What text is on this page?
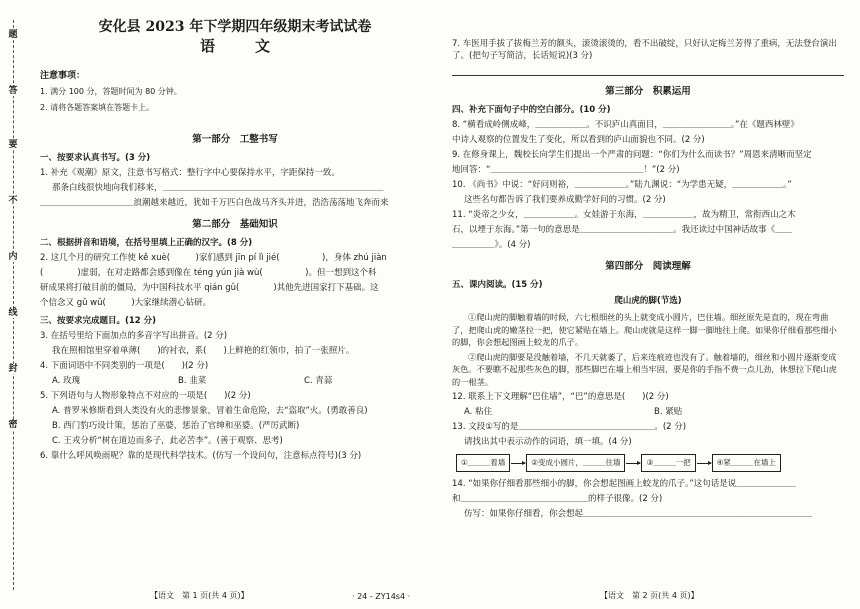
题
答
要
不
内
线
封
密
安化县 2023 年下学期四年级期末考试试卷
语文
注意事项：

1. 满分 100 分，答题时间为 80 分钟。

2. 请将各题答案填在答题卡上。

第一部分　工整书写
一、按要求认真书写。(3 分)
1. 补充《观潮》原文，注意书写格式：整行字中心要保持水平，字距保持一致。
那条白线很快地向我们移来，＿＿＿＿＿＿＿＿＿＿＿＿＿＿＿＿＿＿＿＿＿＿＿＿＿＿
＿＿＿＿＿＿＿＿＿＿＿浪潮越来越近，犹如千万匹白色战马齐头并进，浩浩荡荡地飞奔而来
第二部分　基础知识
二、根据拼音和语境，在括号里填上正确的汉字。(8 分)
2. 这几个月的研究工作使 kě xuè(　　　)家们感到 jīn pí lì jié(　　　　　)，身体 zhú jiàn
(　　　　)虚弱，在对走路都会感到像在 téng yún jià wù(　　　　　)。但一想到这个科
研成果将打破目前的僵局，为中国科技水平 qián gǔ(　　　　)其他先进国家打下基础。这
个信念又 gǔ wǔ(　　　)大家继续潜心钻研。
三、按要求完成题目。(12 分)
3. 在括号里给下面加点的多音字写出拼音。(2 分)
我在照相馆里穿着单薄(　　)的衬衣，系(　　)上鲜艳的红领巾，拍了一张照片。
4. 下面词语中不同类别的一项是(　　)(2 分)
A. 玫瑰	B. 韭菜	C. 青蒜
5. 下列语句与人物形象特点不对应的一项是(　　)(2 分)
A. 普罗米修斯看到人类没有火的悲惨景象，冒着生命危险，去“盗取”火。(勇敢善良)
B. 西门豹巧设计策，惩治了巫婆，惩治了官绅和巫婆。(严厉武断)
C. 王戎分析“树在道边而多子，此必苦李”。(善于观察、思考)
6. 靠什么呼风唤雨呢？靠的是现代科学技术。(仿写一个设问句，注意标点符号)(3 分)
【语文　第 1 页(共 4 页)】	· 24 - ZY14s4 ·
7. 车医用手拔了拔梅兰芳的额头，滚烫滚烫的，看不出破绽，只好认定梅兰芳得了重病，无法登台演出了。(把句子写简洁，长话短说)(3 分)
第三部分　积累运用
四、补充下面句子中的空白部分。(10 分)
8. “横看成岭侧成峰，＿＿＿＿＿＿。不识庐山真面目，＿＿＿＿＿＿＿＿。”在《题西林壁》
中诗人观察的位置发生了变化，所以看到的庐山面貌也不同。(2 分)
9. 在修身课上，魏校长向学生们提出一个严肃的问题：“你们为什么而读书？”周恩来清晰而坚定
地回答：“＿＿＿＿＿＿＿＿＿＿＿＿＿＿＿＿＿＿！”(2 分)
10. 《尚书》中说：“好问则裕，＿＿＿＿＿＿。”陆九渊说：“为学患无疑，＿＿＿＿＿＿。”
这些名句都告诉了我们要养成勤学好问的习惯。(2 分)
11. “炎帝之少女，＿＿＿＿＿＿。女娃游于东海，＿＿＿＿＿＿，故为精卫，常衔西山之木
石，以堙于东海。”第一句的意思是＿＿＿＿＿＿＿＿＿＿＿。我还读过中国神话故事《＿＿
＿＿＿＿＿》。(4 分)
第四部分　阅读理解
五、课内阅读。(15 分)
爬山虎的脚(节选)

①爬山虎的脚触着墙的时候，六七根细丝的头上就变成小圆片，巴住墙。细丝原先是直的，现在弯曲了，把爬山虎的嫩茎拉一把，使它紧贴在墙上。爬山虎就是这样一脚一脚地往上爬。如果你仔细看那些细小的脚，你会想起图画上蛟龙的爪子。

②爬山虎的脚要是没触着墙，不几天就萎了，后来连痕迹也没有了。触着墙的，细丝和小圆片逐渐变成灰色。不要瞧不起那些灰色的脚，那些脚巴在墙上相当牢固，要是你的手指不费一点儿劲，休想拉下爬山虎的一根茎。

12. 联系上下文理解“巴住墙”，“巴”的意思是(　　)(2 分)
A. 粘住	B. 紧贴
13. 文段①写的是＿＿＿＿＿＿＿＿＿＿＿＿＿＿＿＿。(2 分)
请找出其中表示动作的词语，填一填。(4 分)
①＿＿＿着墙	②变成小圆片，＿＿＿住墙	③＿＿＿一把	④紧＿＿＿在墙上
14. “如果你仔细看那些细小的脚，你会想起图画上蛟龙的爪子。”这句话是说＿＿＿＿＿＿＿
和＿＿＿＿＿＿＿＿＿＿＿＿＿＿＿的样子很像。(2 分)
仿写：如果你仔细看，你会想起＿＿＿＿＿＿＿＿＿＿＿＿＿＿＿＿＿＿＿＿＿＿＿＿＿＿＿
【语文　第 2 页(共 4 页)】
